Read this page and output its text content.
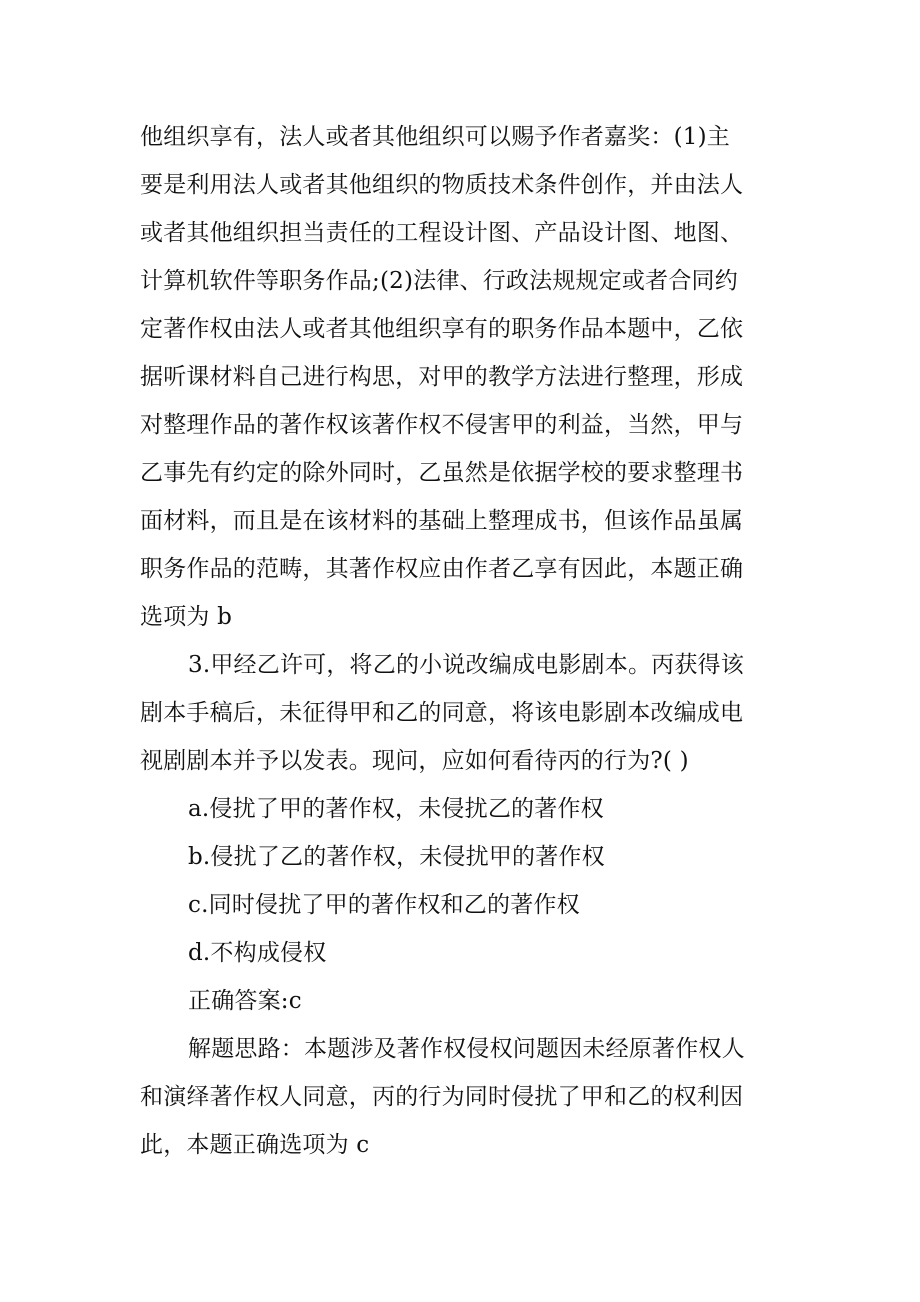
他组织享有，法人或者其他组织可以赐予作者嘉奖：(1)主
要是利用法人或者其他组织的物质技术条件创作，并由法人
或者其他组织担当责任的工程设计图、产品设计图、地图、
计算机软件等职务作品;(2)法律、行政法规规定或者合同约
定著作权由法人或者其他组织享有的职务作品本题中，乙依
据听课材料自己进行构思，对甲的教学方法进行整理，形成
对整理作品的著作权该著作权不侵害甲的利益，当然，甲与
乙事先有约定的除外同时，乙虽然是依据学校的要求整理书
面材料，而且是在该材料的基础上整理成书，但该作品虽属
职务作品的范畴，其著作权应由作者乙享有因此，本题正确
选项为 b
3.甲经乙许可，将乙的小说改编成电影剧本。丙获得该
剧本手稿后，未征得甲和乙的同意，将该电影剧本改编成电
视剧剧本并予以发表。现问，应如何看待丙的行为?( )
a.侵扰了甲的著作权，未侵扰乙的著作权
b.侵扰了乙的著作权，未侵扰甲的著作权
c.同时侵扰了甲的著作权和乙的著作权
d.不构成侵权
正确答案:c
解题思路：本题涉及著作权侵权问题因未经原著作权人
和演绎著作权人同意，丙的行为同时侵扰了甲和乙的权利因
此，本题正确选项为 c
